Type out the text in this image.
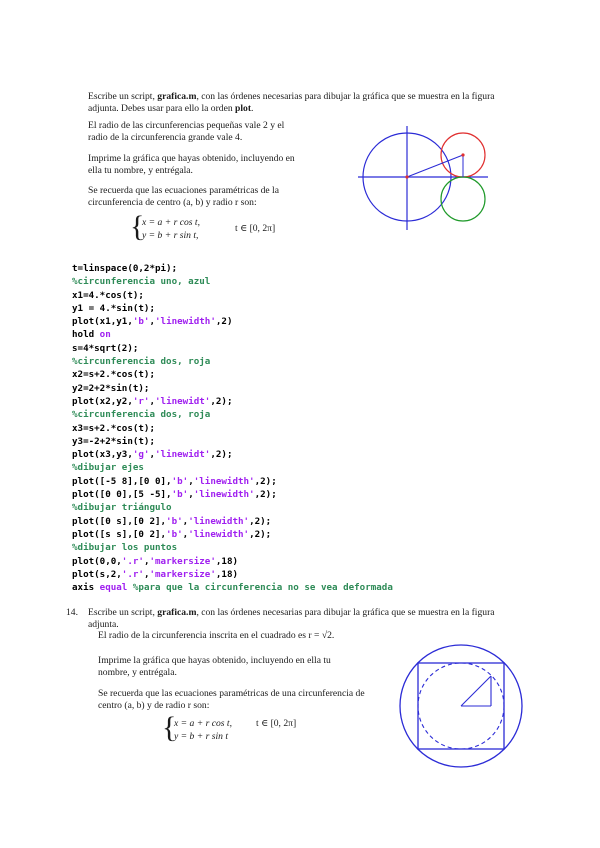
Escribe un script, grafica.m, con las órdenes necesarias para dibujar la gráfica que se muestra en la figura adjunta. Debes usar para ello la orden plot.
El radio de las circunferencias pequeñas vale 2 y el radio de la circunferencia grande vale 4.
Imprime la gráfica que hayas obtenido, incluyendo en ella tu nombre, y entrégala.
Se recuerda que las ecuaciones paramétricas de la circunferencia de centro (a, b) y radio r son:
{
x = a + r cos t,
y = b + r sin t,
t ∈ [0, 2π]
t=linspace(0,2*pi);
%circunferencia uno, azul
x1=4.*cos(t);
y1 = 4.*sin(t);
plot(x1,y1,'b','linewidth',2)
hold on
s=4*sqrt(2);
%circunferencia dos, roja
x2=s+2.*cos(t);
y2=2+2*sin(t);
plot(x2,y2,'r','linewidt',2);
%circunferencia dos, roja
x3=s+2.*cos(t);
y3=-2+2*sin(t);
plot(x3,y3,'g','linewidt',2);
%dibujar ejes
plot([-5 8],[0 0],'b','linewidth',2);
plot([0 0],[5 -5],'b','linewidth',2);
%dibujar triángulo
plot([0 s],[0 2],'b','linewidth',2);
plot([s s],[0 2],'b','linewidth',2);
%dibujar los puntos
plot(0,0,'.r','markersize',18)
plot(s,2,'.r','markersize',18)
axis equal %para que la circunferencia no se vea deformada
14. Escribe un script, grafica.m, con las órdenes necesarias para dibujar la gráfica que se muestra en la figura adjunta.
El radio de la circunferencia inscrita en el cuadrado es r = √2.
Imprime la gráfica que hayas obtenido, incluyendo en ella tu nombre, y entrégala.
Se recuerda que las ecuaciones paramétricas de una circunferencia de centro (a, b) y de radio r son:
{
x = a + r cos t,	t ∈ [0, 2π]
y = b + r sin t
